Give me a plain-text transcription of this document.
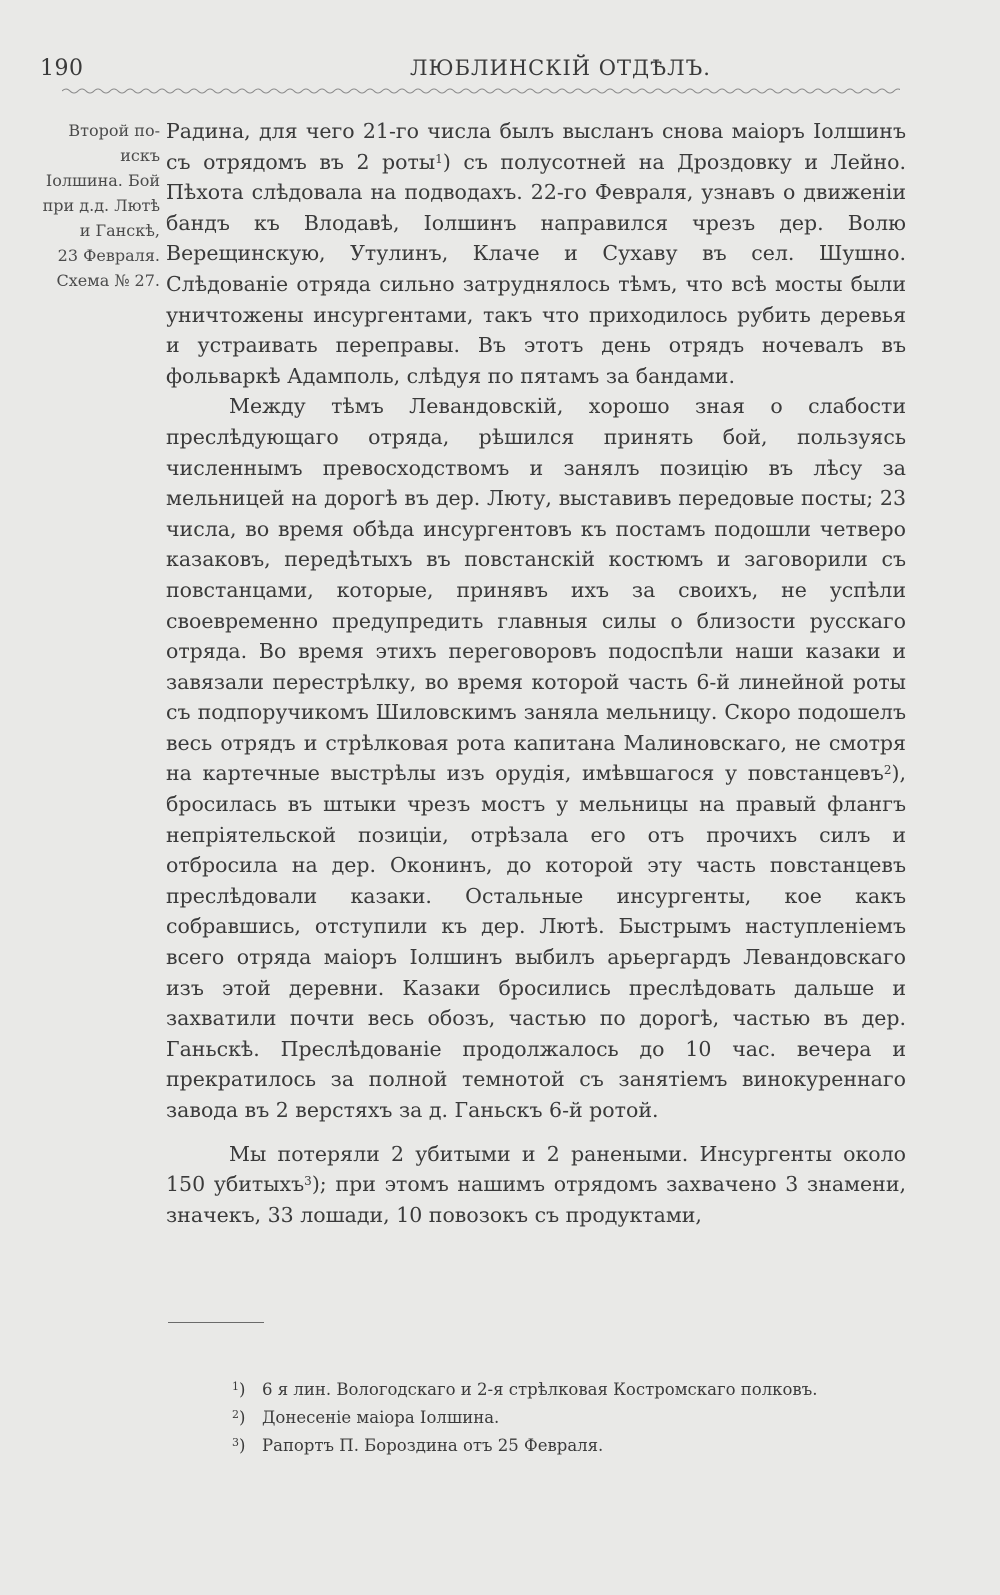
190	ЛЮБЛИНСКІЙ ОТДѢЛЪ.
Второй по-
искъ
Іолшина. Бой
при д.д. Лютѣ
и Ганскѣ,
23 Февраля.
Схема № 27.

Радина, для чего 21-го числа былъ высланъ снова маіоръ Іолшинъ съ отрядомъ въ 2 роты$^1$) съ полусотней на Дроздовку и Лейно. Пѣхота слѣдовала на подводахъ. 22-го Февраля, узнавъ о движеніи бандъ къ Влодавѣ, Іолшинъ направился чрезъ дер. Волю Верещинскую, Утулинъ, Клаче и Сухаву въ сел. Шушно. Слѣдованіе отряда сильно затруднялось тѣмъ, что всѣ мосты были уничтожены инсургентами, такъ что приходилось рубить деревья и устраивать переправы. Въ этотъ день отрядъ ночевалъ въ фольваркѣ Адамполь, слѣдуя по пятамъ за бандами.

Между тѣмъ Левандовскій, хорошо зная о слабости преслѣдующаго отряда, рѣшился принять бой, пользуясь численнымъ превосходствомъ и занялъ позицію въ лѣсу за мельницей на дорогѣ въ дер. Люту, выставивъ передовые посты; 23 числа, во время обѣда инсургентовъ къ постамъ подошли четверо казаковъ, передѣтыхъ въ повстанскій костюмъ и заговорили съ повстанцами, которые, принявъ ихъ за своихъ, не успѣли своевременно предупредить главныя силы о близости русскаго отряда. Во время этихъ переговоровъ подоспѣли наши казаки и завязали перестрѣлку, во время которой часть 6-й линейной роты съ подпоручикомъ Шиловскимъ заняла мельницу. Скоро подошелъ весь отрядъ и стрѣлковая рота капитана Малиновскаго, не смотря на картечные выстрѣлы изъ орудія, имѣвшагося у повстанцевъ$^2$), бросилась въ штыки чрезъ мостъ у мельницы на правый флангъ непріятельской позиціи, отрѣзала его отъ прочихъ силъ и отбросила на дер. Оконинъ, до которой эту часть повстанцевъ преслѣдовали казаки. Остальные инсургенты, кое какъ собравшись, отступили къ дер. Лютѣ. Быстрымъ наступленіемъ всего отряда маіоръ Іолшинъ выбилъ арьергардъ Левандовскаго изъ этой деревни. Казаки бросились преслѣдовать дальше и захватили почти весь обозъ, частью по дорогѣ, частью въ дер. Ганьскѣ. Преслѣдованіе продолжалось до 10 час. вечера и прекратилось за полной темнотой съ занятіемъ винокуреннаго завода въ 2 верстяхъ за д. Ганьскъ 6-й ротой.

Мы потеряли 2 убитыми и 2 ранеными. Инсургенты около 150 убитыхъ$^3$); при этомъ нашимъ отрядомъ захвачено 3 знамени, значекъ, 33 лошади, 10 повозокъ съ продуктами,

$^1$) 6 я лин. Вологодскаго и 2-я стрѣлковая Костромскаго полковъ.
$^2$) Донесеніе маіора Іолшина.
$^3$) Рапортъ П. Бороздина отъ 25 Февраля.
